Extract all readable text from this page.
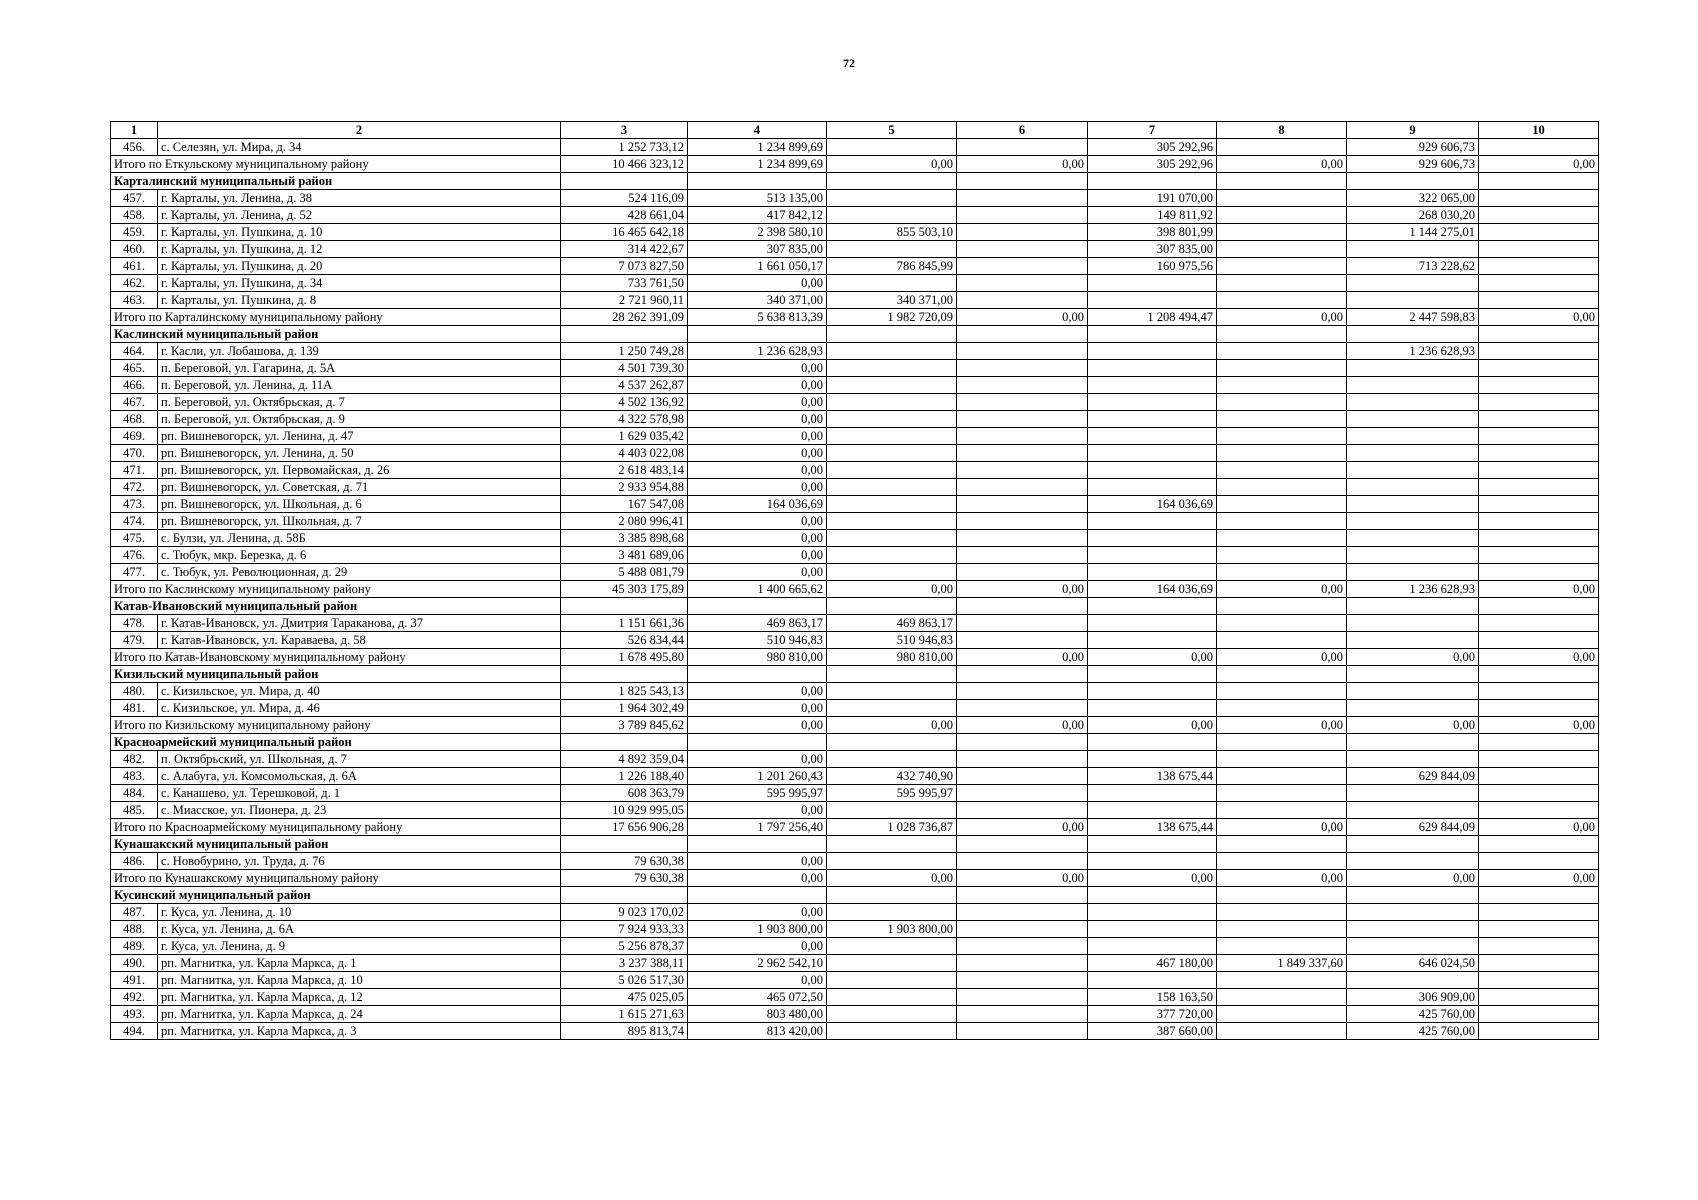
72
1	2	3	4	5	6	7	8	9	10
456.	с. Селезян, ул. Мира, д. 34	1 252 733,12	1 234 899,69			305 292,96		929 606,73	
Итого по Еткульскому муниципальному району		10 466 323,12	1 234 899,69	0,00	0,00	305 292,96	0,00	929 606,73	0,00
Карталинский муниципальный район									
457.	г. Карталы, ул. Ленина, д. 38	524 116,09	513 135,00			191 070,00		322 065,00	
458.	г. Карталы, ул. Ленина, д. 52	428 661,04	417 842,12			149 811,92		268 030,20	
459.	г. Карталы, ул. Пушкина, д. 10	16 465 642,18	2 398 580,10	855 503,10		398 801,99		1 144 275,01	
460.	г. Карталы, ул. Пушкина, д. 12	314 422,67	307 835,00			307 835,00			
461.	г. Карталы, ул. Пушкина, д. 20	7 073 827,50	1 661 050,17	786 845,99		160 975,56		713 228,62	
462.	г. Карталы, ул. Пушкина, д. 34	733 761,50	0,00						
463.	г. Карталы, ул. Пушкина, д. 8	2 721 960,11	340 371,00	340 371,00					
Итого по Карталинскому муниципальному району		28 262 391,09	5 638 813,39	1 982 720,09	0,00	1 208 494,47	0,00	2 447 598,83	0,00
Каслинский муниципальный район									
464.	г. Касли, ул. Лобашова, д. 139	1 250 749,28	1 236 628,93					1 236 628,93	
465.	п. Береговой, ул. Гагарина, д. 5А	4 501 739,30	0,00						
466.	п. Береговой, ул. Ленина, д. 11А	4 537 262,87	0,00						
467.	п. Береговой, ул. Октябрьская, д. 7	4 502 136,92	0,00						
468.	п. Береговой, ул. Октябрьская, д. 9	4 322 578,98	0,00						
469.	рп. Вишневогорск, ул. Ленина, д. 47	1 629 035,42	0,00						
470.	рп. Вишневогорск, ул. Ленина, д. 50	4 403 022,08	0,00						
471.	рп. Вишневогорск, ул. Первомайская, д. 26	2 618 483,14	0,00						
472.	рп. Вишневогорск, ул. Советская, д. 71	2 933 954,88	0,00						
473.	рп. Вишневогорск, ул. Школьная, д. 6	167 547,08	164 036,69			164 036,69			
474.	рп. Вишневогорск, ул. Школьная, д. 7	2 080 996,41	0,00						
475.	с. Булзи, ул. Ленина, д. 58Б	3 385 898,68	0,00						
476.	с. Тюбук, мкр. Березка, д. 6	3 481 689,06	0,00						
477.	с. Тюбук, ул. Революционная, д. 29	5 488 081,79	0,00						
Итого по Каслинскому муниципальному району		45 303 175,89	1 400 665,62	0,00	0,00	164 036,69	0,00	1 236 628,93	0,00
Катав-Ивановский муниципальный район									
478.	г. Катав-Ивановск, ул. Дмитрия Тараканова, д. 37	1 151 661,36	469 863,17	469 863,17					
479.	г. Катав-Ивановск, ул. Караваева, д. 58	526 834,44	510 946,83	510 946,83					
Итого по Катав-Ивановскому муниципальному району		1 678 495,80	980 810,00	980 810,00	0,00	0,00	0,00	0,00	0,00
Кизильский муниципальный район									
480.	с. Кизильское, ул. Мира, д. 40	1 825 543,13	0,00						
481.	с. Кизильское, ул. Мира, д. 46	1 964 302,49	0,00						
Итого по Кизильскому муниципальному району		3 789 845,62	0,00	0,00	0,00	0,00	0,00	0,00	0,00
Красноармейский муниципальный район									
482.	п. Октябрьский, ул. Школьная, д. 7	4 892 359,04	0,00						
483.	с. Алабуга, ул. Комсомольская, д. 6А	1 226 188,40	1 201 260,43	432 740,90		138 675,44		629 844,09	
484.	с. Канашево, ул. Терешковой, д. 1	608 363,79	595 995,97	595 995,97					
485.	с. Миасское, ул. Пионера, д. 23	10 929 995,05	0,00						
Итого по Красноармейскому муниципальному району		17 656 906,28	1 797 256,40	1 028 736,87	0,00	138 675,44	0,00	629 844,09	0,00
Кунашакский муниципальный район									
486.	с. Новобурино, ул. Труда, д. 76	79 630,38	0,00						
Итого по Кунашакскому муниципальному району		79 630,38	0,00	0,00	0,00	0,00	0,00	0,00	0,00
Кусинский муниципальный район									
487.	г. Куса, ул. Ленина, д. 10	9 023 170,02	0,00						
488.	г. Куса, ул. Ленина, д. 6А	7 924 933,33	1 903 800,00	1 903 800,00					
489.	г. Куса, ул. Ленина, д. 9	5 256 878,37	0,00						
490.	рп. Магнитка, ул. Карла Маркса, д. 1	3 237 388,11	2 962 542,10			467 180,00	1 849 337,60	646 024,50	
491.	рп. Магнитка, ул. Карла Маркса, д. 10	5 026 517,30	0,00						
492.	рп. Магнитка, ул. Карла Маркса, д. 12	475 025,05	465 072,50			158 163,50		306 909,00	
493.	рп. Магнитка, ул. Карла Маркса, д. 24	1 615 271,63	803 480,00			377 720,00		425 760,00	
494.	рп. Магнитка, ул. Карла Маркса, д. 3	895 813,74	813 420,00			387 660,00		425 760,00	
